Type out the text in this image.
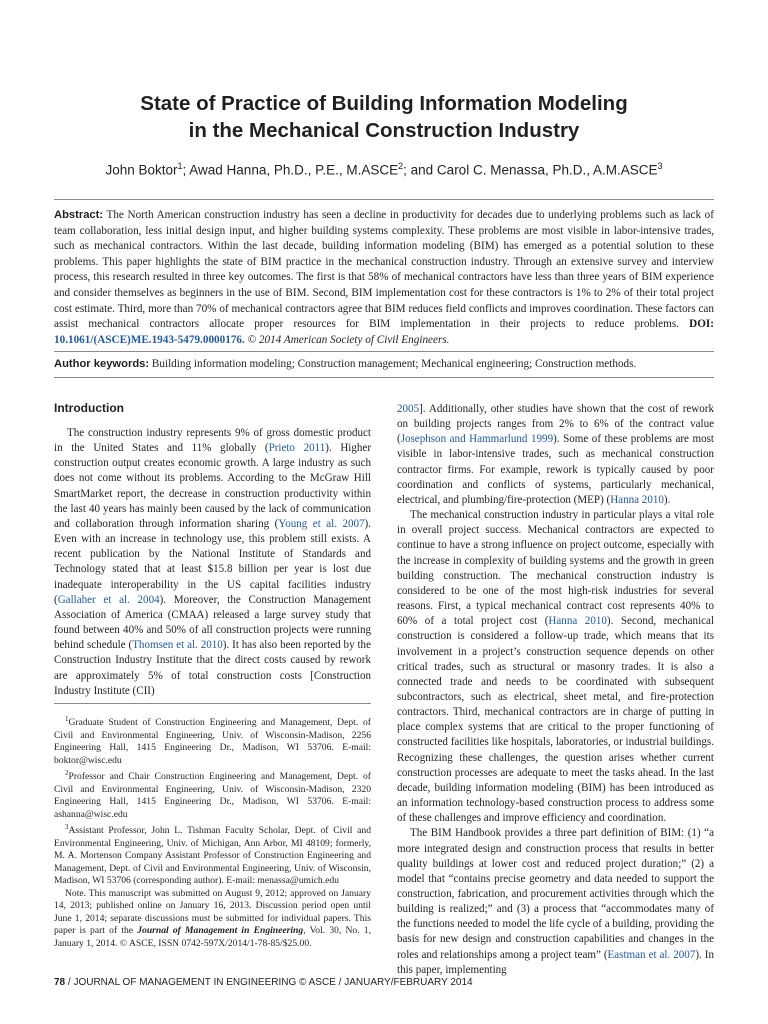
State of Practice of Building Information Modeling
in the Mechanical Construction Industry
John Boktor$^1$; Awad Hanna, Ph.D., P.E., M.ASCE$^2$; and Carol C. Menassa, Ph.D., A.M.ASCE$^3$

Abstract: The North American construction industry has seen a decline in productivity for decades due to underlying problems such as lack of team collaboration, less initial design input, and higher building systems complexity. These problems are most visible in labor-intensive trades, such as mechanical contractors. Within the last decade, building information modeling (BIM) has emerged as a potential solution to these problems. This paper highlights the state of BIM practice in the mechanical construction industry. Through an extensive survey and interview process, this research resulted in three key outcomes. The first is that 58% of mechanical contractors have less than three years of BIM experience and consider themselves as beginners in the use of BIM. Second, BIM implementation cost for these contractors is 1% to 2% of their total project cost estimate. Third, more than 70% of mechanical contractors agree that BIM reduces field conflicts and improves coordination. These factors can assist mechanical contractors allocate proper resources for BIM implementation in their projects to reduce problems. DOI: 10.1061/(ASCE)ME.1943-5479.0000176. © 2014 American Society of Civil Engineers.

Author keywords: Building information modeling; Construction management; Mechanical engineering; Construction methods.

Introduction

The construction industry represents 9% of gross domestic product in the United States and 11% globally (Prieto 2011). Higher construction output creates economic growth. A large industry as such does not come without its problems. According to the McGraw Hill SmartMarket report, the decrease in construction productivity within the last 40 years has mainly been caused by the lack of communication and collaboration through information sharing (Young et al. 2007). Even with an increase in technology use, this problem still exists. A recent publication by the National Institute of Standards and Technology stated that at least $15.8 billion per year is lost due inadequate interoperability in the US capital facilities industry (Gallaher et al. 2004). Moreover, the Construction Management Association of America (CMAA) released a large survey study that found between 40% and 50% of all construction projects were running behind schedule (Thomsen et al. 2010). It has also been reported by the Construction Industry Institute that the direct costs caused by rework are approximately 5% of total construction costs [Construction Industry Institute (CII)

$^1$Graduate Student of Construction Engineering and Management, Dept. of Civil and Environmental Engineering, Univ. of Wisconsin-Madison, 2256 Engineering Hall, 1415 Engineering Dr., Madison, WI 53706. E-mail: boktor@wisc.edu

$^2$Professor and Chair Construction Engineering and Management, Dept. of Civil and Environmental Engineering, Univ. of Wisconsin-Madison, 2320 Engineering Hall, 1415 Engineering Dr., Madison, WI 53706. E-mail: ashanna@wisc.edu

$^3$Assistant Professor, John L. Tishman Faculty Scholar, Dept. of Civil and Environmental Engineering, Univ. of Michigan, Ann Arbor, MI 48109; formerly, M. A. Mortenson Company Assistant Professor of Construction Engineering and Management, Dept. of Civil and Environmental Engineering, Univ. of Wisconsin, Madison, WI 53706 (corresponding author). E-mail: menassa@umich.edu

Note. This manuscript was submitted on August 9, 2012; approved on January 14, 2013; published online on January 16, 2013. Discussion period open until June 1, 2014; separate discussions must be submitted for individual papers. This paper is part of the Journal of Management in Engineering, Vol. 30, No. 1, January 1, 2014. © ASCE, ISSN 0742-597X/2014/1-78-85/$25.00.

2005]. Additionally, other studies have shown that the cost of rework on building projects ranges from 2% to 6% of the contract value (Josephson and Hammarlund 1999). Some of these problems are most visible in labor-intensive trades, such as mechanical construction contractor firms. For example, rework is typically caused by poor coordination and conflicts of systems, particularly mechanical, electrical, and plumbing/fire-protection (MEP) (Hanna 2010).

The mechanical construction industry in particular plays a vital role in overall project success. Mechanical contractors are expected to continue to have a strong influence on project outcome, especially with the increase in complexity of building systems and the growth in green building construction. The mechanical construction industry is considered to be one of the most high-risk industries for several reasons. First, a typical mechanical contract cost represents 40% to 60% of a total project cost (Hanna 2010). Second, mechanical construction is considered a follow-up trade, which means that its involvement in a project’s construction sequence depends on other critical trades, such as structural or masonry trades. It is also a connected trade and needs to be coordinated with subsequent subcontractors, such as electrical, sheet metal, and fire-protection contractors. Third, mechanical contractors are in charge of putting in place complex systems that are critical to the proper functioning of constructed facilities like hospitals, laboratories, or industrial buildings. Recognizing these challenges, the question arises whether current construction processes are adequate to meet the tasks ahead. In the last decade, building information modeling (BIM) has been introduced as an information technology-based construction process to address some of these challenges and improve efficiency and coordination.

The BIM Handbook provides a three part definition of BIM: (1) “a more integrated design and construction process that results in better quality buildings at lower cost and reduced project duration;” (2) a model that “contains precise geometry and data needed to support the construction, fabrication, and procurement activities through which the building is realized;” and (3) a process that “accommodates many of the functions needed to model the life cycle of a building, providing the basis for new design and construction capabilities and changes in the roles and relationships among a project team” (Eastman et al. 2007). In this paper, implementing

78 / JOURNAL OF MANAGEMENT IN ENGINEERING © ASCE / JANUARY/FEBRUARY 2014
